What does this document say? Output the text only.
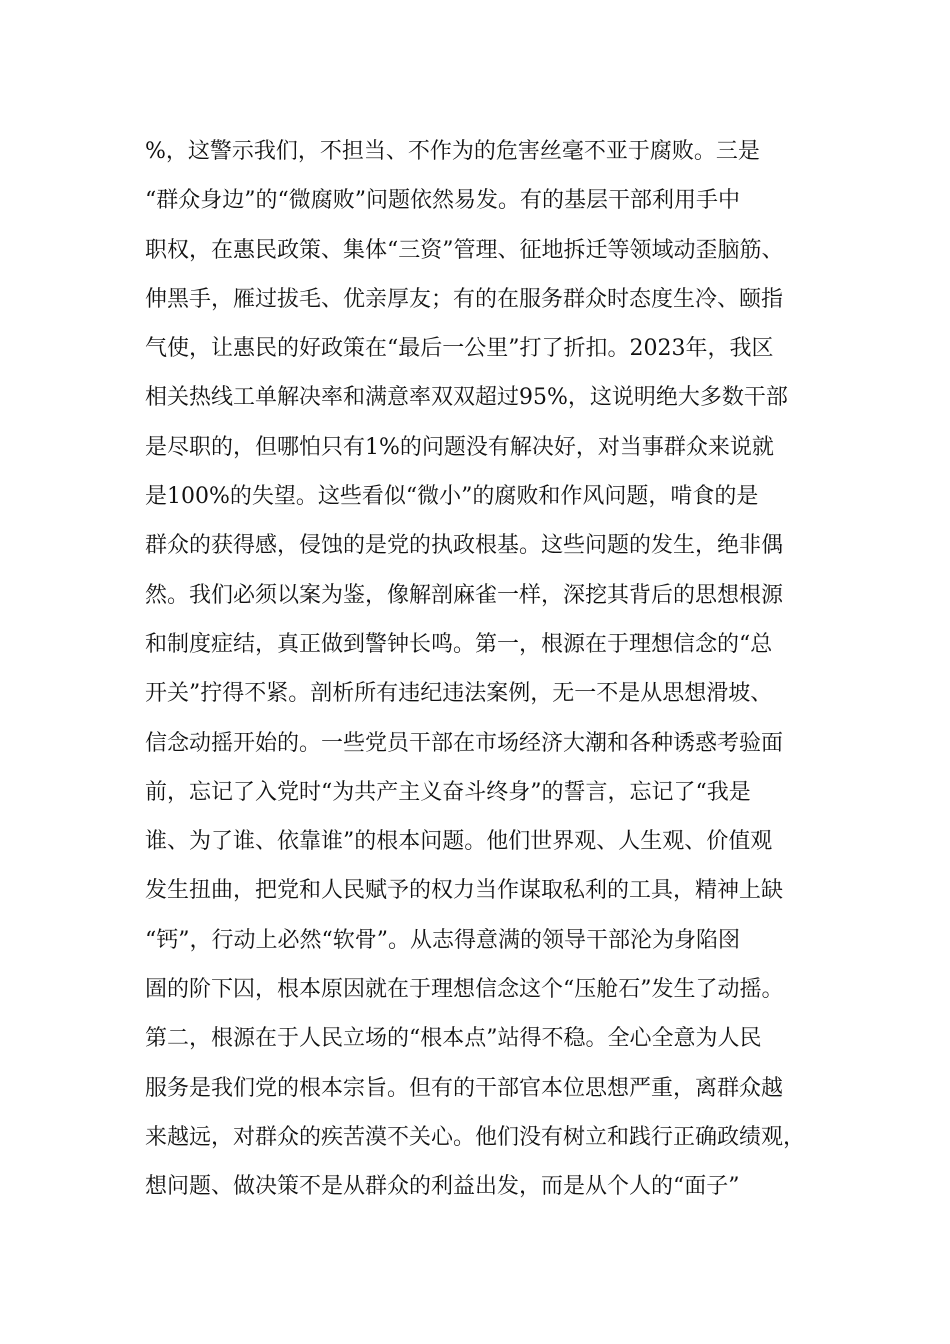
%，这警示我们，不担当、不作为的危害丝毫不亚于腐败。三是
“群众身边”的“微腐败”问题依然易发。有的基层干部利用手中
职权，在惠民政策、集体“三资”管理、征地拆迁等领域动歪脑筋、
伸黑手，雁过拔毛、优亲厚友；有的在服务群众时态度生冷、颐指
气使，让惠民的好政策在“最后一公里”打了折扣。2023年，我区
相关热线工单解决率和满意率双双超过95%，这说明绝大多数干部
是尽职的，但哪怕只有1%的问题没有解决好，对当事群众来说就
是100%的失望。这些看似“微小”的腐败和作风问题，啃食的是
群众的获得感，侵蚀的是党的执政根基。这些问题的发生，绝非偶
然。我们必须以案为鉴，像解剖麻雀一样，深挖其背后的思想根源
和制度症结，真正做到警钟长鸣。第一，根源在于理想信念的“总
开关”拧得不紧。剖析所有违纪违法案例，无一不是从思想滑坡、
信念动摇开始的。一些党员干部在市场经济大潮和各种诱惑考验面
前，忘记了入党时“为共产主义奋斗终身”的誓言，忘记了“我是
谁、为了谁、依靠谁”的根本问题。他们世界观、人生观、价值观
发生扭曲，把党和人民赋予的权力当作谋取私利的工具，精神上缺
“钙”，行动上必然“软骨”。从志得意满的领导干部沦为身陷囹
圄的阶下囚，根本原因就在于理想信念这个“压舱石”发生了动摇。
第二，根源在于人民立场的“根本点”站得不稳。全心全意为人民
服务是我们党的根本宗旨。但有的干部官本位思想严重，离群众越
来越远，对群众的疾苦漠不关心。他们没有树立和践行正确政绩观，
想问题、做决策不是从群众的利益出发，而是从个人的“面子”
